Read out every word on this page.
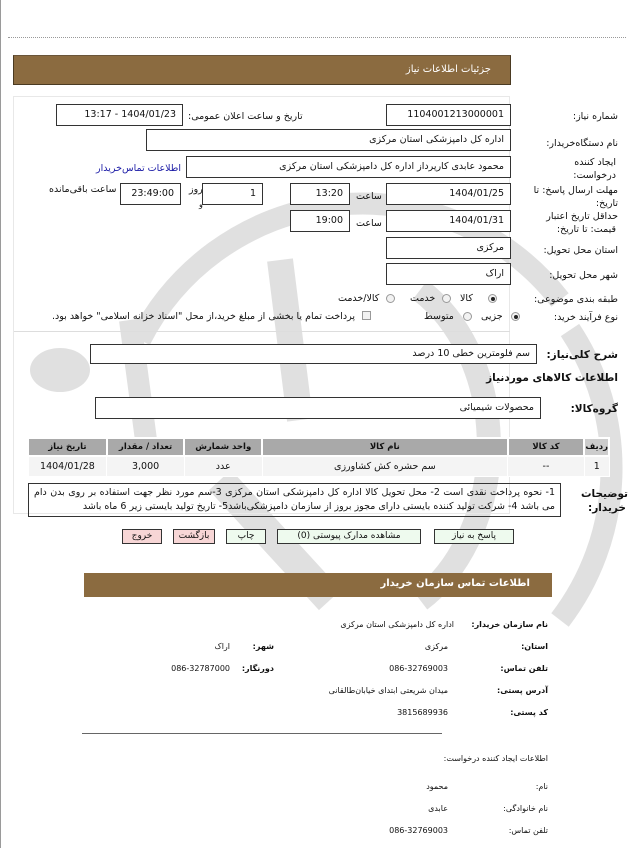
جزئیات اطلاعات نیاز
شماره نیاز:
1104001213000001
تاریخ و ساعت اعلان عمومی:
1404/01/23 - 13:17
نام دستگاه‌خریدار:
اداره کل دامپزشکی استان مرکزی
ایجاد کننده
درخواست:
محمود عابدی کارپرداز اداره کل دامپزشکی استان مرکزی
اطلاعات تماس‌خریدار
مهلت ارسال پاسخ: تا
تاریخ:
1404/01/25
ساعت
13:20
1
روز
و
23:49:00
ساعت باقی‌مانده
حداقل تاریخ اعتبار
قیمت: تا تاریخ:
1404/01/31
ساعت
19:00
استان محل تحویل:
مرکزی
شهر محل تحویل:
اراک
طبقه بندی موضوعی:
کالا
خدمت
کالا/خدمت
نوع فرآیند خرید:
جزیی
متوسط
پرداخت تمام یا بخشی از مبلغ خرید،از محل "اسناد خزانه اسلامی" خواهد بود.
شرح کلی‌نیاز:
سم فلومترین خطی 10 درصد
اطلاعات کالاهای موردنیاز
گروه‌کالا:
محصولات شیمیائی
ردیف	کد کالا	نام کالا	واحد شمارش	تعداد / مقدار	تاریخ نیاز
1	--	سم حشره کش کشاورزی	عدد	3,000	1404/01/28
توضیحات
خریدار:
1- نحوه پرداخت نقدی است 2- محل تحویل کالا اداره کل دامپزشکی استان مرکزی 3-سم مورد نظر جهت استفاده بر روی بدن دام می باشد 4- شرکت تولید کننده بایستی دارای مجوز بروز از سازمان دامپزشکی‌باشد5- تاریخ تولید بایستی زیر 6 ماه باشد
پاسخ به نیاز
مشاهده مدارک پیوستی (0)
چاپ
بازگشت
خروج
اطلاعات تماس سازمان خریدار
نام سازمان خریدار:
اداره کل دامپزشکی استان مرکزی
استان:
مرکزی
شهر:
اراک
تلفن تماس:
086-32769003
دورنگار:
086-32787000
آدرس پستی:
میدان شریعتی ابتدای خیابان‌طالقانی
کد پستی:
3815689936
اطلاعات ایجاد کننده درخواست:
نام:
محمود
نام خانوادگی:
عابدی
تلفن تماس:
086-32769003
